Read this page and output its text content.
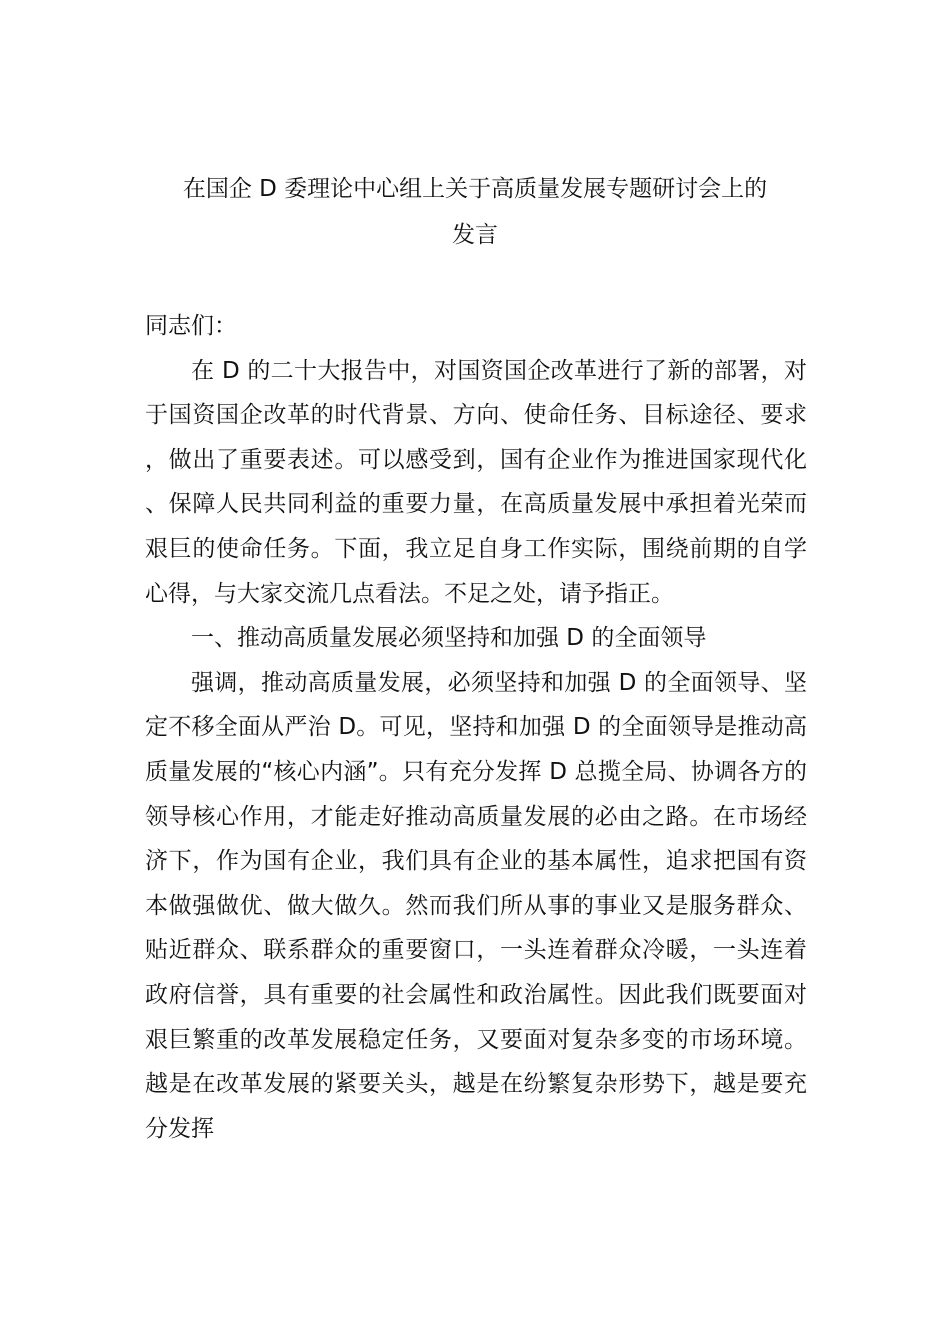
在国企 D 委理论中心组上关于高质量发展专题研讨会上的
发言

同志们：

在 D 的二十大报告中，对国资国企改革进行了新的部署，对于国资国企改革的时代背景、方向、使命任务、目标途径、要求，做出了重要表述。可以感受到，国有企业作为推进国家现代化、保障人民共同利益的重要力量，在高质量发展中承担着光荣而艰巨的使命任务。下面，我立足自身工作实际，围绕前期的自学心得，与大家交流几点看法。不足之处，请予指正。

一、推动高质量发展必须坚持和加强 D 的全面领导

强调，推动高质量发展，必须坚持和加强 D 的全面领导、坚定不移全面从严治 D。可见，坚持和加强 D 的全面领导是推动高质量发展的“核心内涵”。只有充分发挥 D 总揽全局、协调各方的领导核心作用，才能走好推动高质量发展的必由之路。在市场经济下，作为国有企业，我们具有企业的基本属性，追求把国有资本做强做优、做大做久。然而我们所从事的事业又是服务群众、贴近群众、联系群众的重要窗口，一头连着群众冷暖，一头连着政府信誉，具有重要的社会属性和政治属性。因此我们既要面对艰巨繁重的改革发展稳定任务，又要面对复杂多变的市场环境。越是在改革发展的紧要关头，越是在纷繁复杂形势下，越是要充分发挥
